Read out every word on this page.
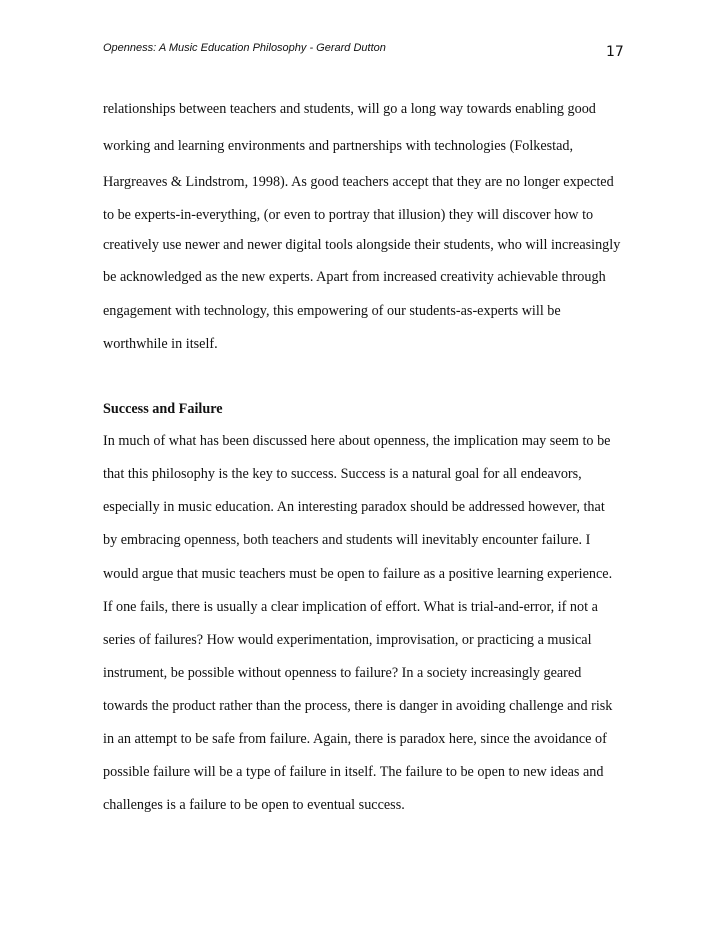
Openness: A Music Education Philosophy - Gerard Dutton	17
relationships between teachers and students, will go a long way towards enabling good
working and learning environments and partnerships with technologies (Folkestad,
Hargreaves & Lindstrom, 1998). As good teachers accept that they are no longer expected
to be experts-in-everything, (or even to portray that illusion) they will discover how to
creatively use newer and newer digital tools alongside their students, who will increasingly
be acknowledged as the new experts. Apart from increased creativity achievable through
engagement with technology, this empowering of our students-as-experts will be
worthwhile in itself.
Success and Failure
In much of what has been discussed here about openness, the implication may seem to be
that this philosophy is the key to success. Success is a natural goal for all endeavors,
especially in music education. An interesting paradox should be addressed however, that
by embracing openness, both teachers and students will inevitably encounter failure. I
would argue that music teachers must be open to failure as a positive learning experience.
If one fails, there is usually a clear implication of effort. What is trial-and-error, if not a
series of failures? How would experimentation, improvisation, or practicing a musical
instrument, be possible without openness to failure? In a society increasingly geared
towards the product rather than the process, there is danger in avoiding challenge and risk
in an attempt to be safe from failure. Again, there is paradox here, since the avoidance of
possible failure will be a type of failure in itself. The failure to be open to new ideas and
challenges is a failure to be open to eventual success.
